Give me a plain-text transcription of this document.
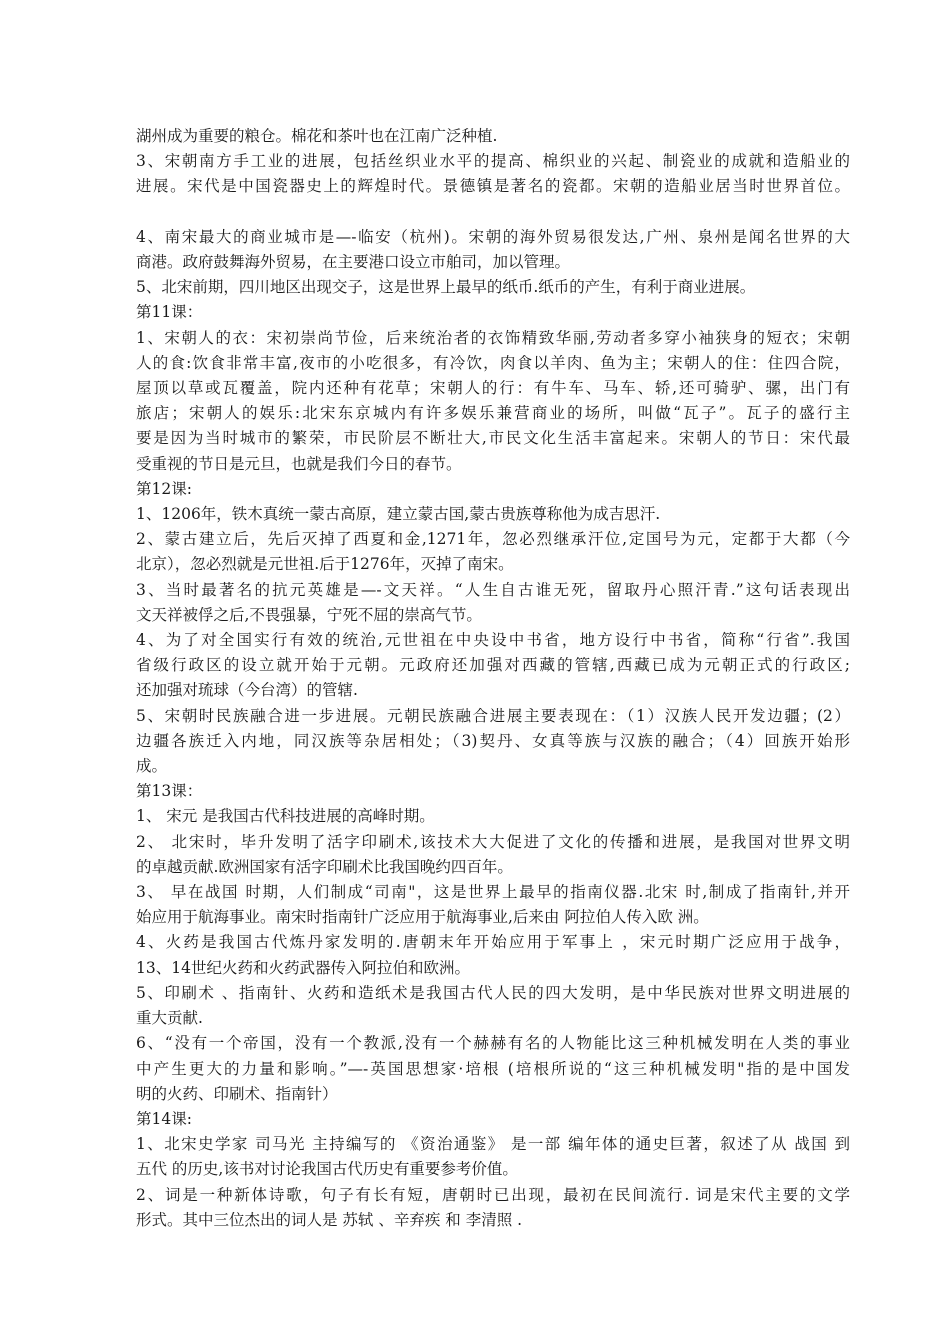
湖州成为重要的粮仓。棉花和茶叶也在江南广泛种植.
3、宋朝南方手工业的进展，包括丝织业水平的提高、棉织业的兴起、制瓷业的成就和造船业的
进展。宋代是中国瓷器史上的辉煌时代。景德镇是著名的瓷都。宋朝的造船业居当时世界首位。
4、南宋最大的商业城市是—-临安（杭州)。宋朝的海外贸易很发达,广州、泉州是闻名世界的大
商港。政府鼓舞海外贸易，在主要港口设立市舶司，加以管理。
5、北宋前期，四川地区出现交子，这是世界上最早的纸币.纸币的产生，有利于商业进展。
第11课：
1、宋朝人的衣：宋初崇尚节俭，后来统治者的衣饰精致华丽,劳动者多穿小袖狭身的短衣；宋朝
人的食:饮食非常丰富,夜市的小吃很多，有冷饮，肉食以羊肉、鱼为主；宋朝人的住：住四合院，
屋顶以草或瓦覆盖，院内还种有花草；宋朝人的行：有牛车、马车、轿,还可骑驴、骡，出门有
旅店；宋朝人的娱乐:北宋东京城内有许多娱乐兼营商业的场所，叫做“瓦子”。瓦子的盛行主
要是因为当时城市的繁荣，市民阶层不断壮大,市民文化生活丰富起来。宋朝人的节日：宋代最
受重视的节日是元旦，也就是我们今日的春节。
第12课:
1、1206年，铁木真统一蒙古高原，建立蒙古国,蒙古贵族尊称他为成吉思汗.
2、蒙古建立后，先后灭掉了西夏和金,1271年，忽必烈继承汗位,定国号为元，定都于大都（今
北京），忽必烈就是元世祖.后于1276年，灭掉了南宋。
3、当时最著名的抗元英雄是—-文天祥。“人生自古谁无死，留取丹心照汗青.”这句话表现出
文天祥被俘之后,不畏强暴，宁死不屈的崇高气节。
4、为了对全国实行有效的统治,元世祖在中央设中书省，地方设行中书省，简称“行省”.我国
省级行政区的设立就开始于元朝。元政府还加强对西藏的管辖,西藏已成为元朝正式的行政区;
还加强对琉球（今台湾）的管辖.
5、宋朝时民族融合进一步进展。元朝民族融合进展主要表现在：（1）汉族人民开发边疆；(2）
边疆各族迁入内地，同汉族等杂居相处；（3)契丹、女真等族与汉族的融合；（4）回族开始形
成。
第13课：
1、 宋元 是我国古代科技进展的高峰时期。
2、 北宋时，毕升发明了活字印刷术,该技术大大促进了文化的传播和进展，是我国对世界文明
的卓越贡献.欧洲国家有活字印刷术比我国晚约四百年。
3、 早在战国 时期，人们制成“司南"，这是世界上最早的指南仪器.北宋 时,制成了指南针,并开
始应用于航海事业。南宋时指南针广泛应用于航海事业,后来由 阿拉伯人传入欧 洲。
4、火药是我国古代炼丹家发明的.唐朝末年开始应用于军事上 ，宋元时期广泛应用于战争，
13、14世纪火药和火药武器传入阿拉伯和欧洲。
5、印刷术 、指南针、火药和造纸术是我国古代人民的四大发明，是中华民族对世界文明进展的
重大贡献.
6、“没有一个帝国，没有一个教派,没有一个赫赫有名的人物能比这三种机械发明在人类的事业
中产生更大的力量和影响。”—-英国思想家·培根 (培根所说的“这三种机械发明"指的是中国发
明的火药、印刷术、指南针）
第14课:
1、北宋史学家 司马光 主持编写的 《资治通鉴》 是一部 编年体的通史巨著，叙述了从 战国 到
五代 的历史,该书对讨论我国古代历史有重要参考价值。
2、词是一种新体诗歌，句子有长有短，唐朝时已出现，最初在民间流行. 词是宋代主要的文学
形式。其中三位杰出的词人是 苏轼 、辛弃疾 和 李清照 .
